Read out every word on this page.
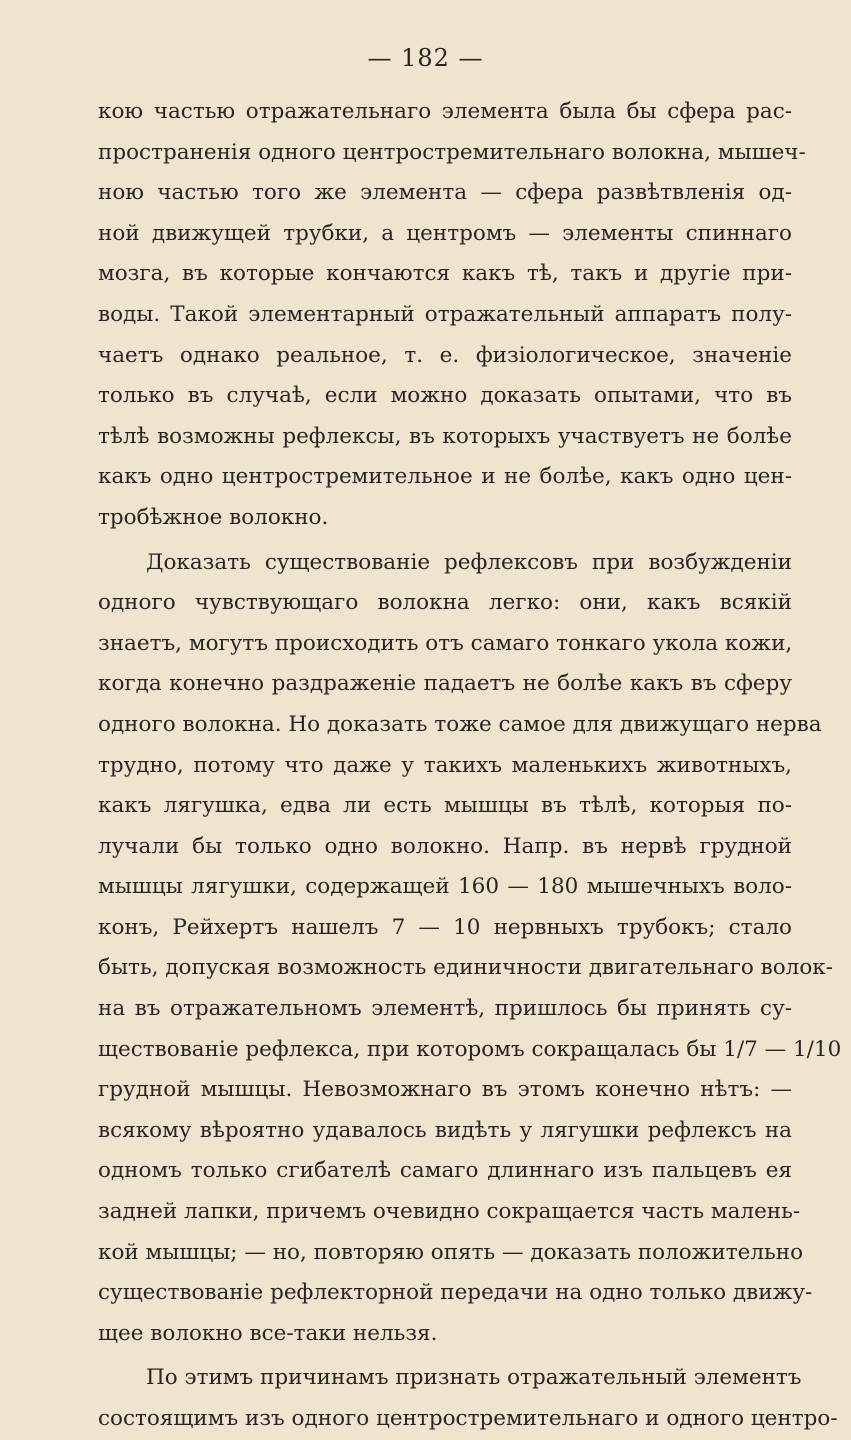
— 182 —
кою частью отражательнаго элемента была бы сфера рас-
пространенія одного центростремительнаго волокна, мышеч-
ною частью того же элемента — сфера развѣтвленія од-
ной движущей трубки, а центромъ — элементы спиннаго
мозга, въ которые кончаются какъ тѣ, такъ и другіе при-
воды. Такой элементарный отражательный аппаратъ полу-
чаетъ однако реальное, т. е. физіологическое, значеніе
только въ случаѣ, если можно доказать опытами, что въ
тѣлѣ возможны рефлексы, въ которыхъ участвуетъ не болѣе
какъ одно центростремительное и не болѣе, какъ одно цен-
тробѣжное волокно.
Доказать существованіе рефлексовъ при возбужденіи
одного чувствующаго волокна легко: они, какъ всякій
знаетъ, могутъ происходить отъ самаго тонкаго укола кожи,
когда конечно раздраженіе падаетъ не болѣе какъ въ сферу
одного волокна. Но доказать тоже самое для движущаго нерва
трудно, потому что даже у такихъ маленькихъ животныхъ,
какъ лягушка, едва ли есть мышцы въ тѣлѣ, которыя по-
лучали бы только одно волокно. Напр. въ нервѣ грудной
мышцы лягушки, содержащей 160 — 180 мышечныхъ воло-
конъ, Рейхертъ нашелъ 7 — 10 нервныхъ трубокъ; стало
быть, допуская возможность единичности двигательнаго волок-
на въ отражательномъ элементѣ, пришлось бы принять су-
ществованіе рефлекса, при которомъ сокращалась бы 1/7 — 1/10
грудной мышцы. Невозможнаго въ этомъ конечно нѣтъ: —
всякому вѣроятно удавалось видѣть у лягушки рефлексъ на
одномъ только сгибателѣ самаго длиннаго изъ пальцевъ ея
задней лапки, причемъ очевидно сокращается часть малень-
кой мышцы; — но, повторяю опять — доказать положительно
существованіе рефлекторной передачи на одно только движу-
щее волокно все-таки нельзя.
По этимъ причинамъ признать отражательный элементъ
состоящимъ изъ одного центростремительнаго и одного центро-
